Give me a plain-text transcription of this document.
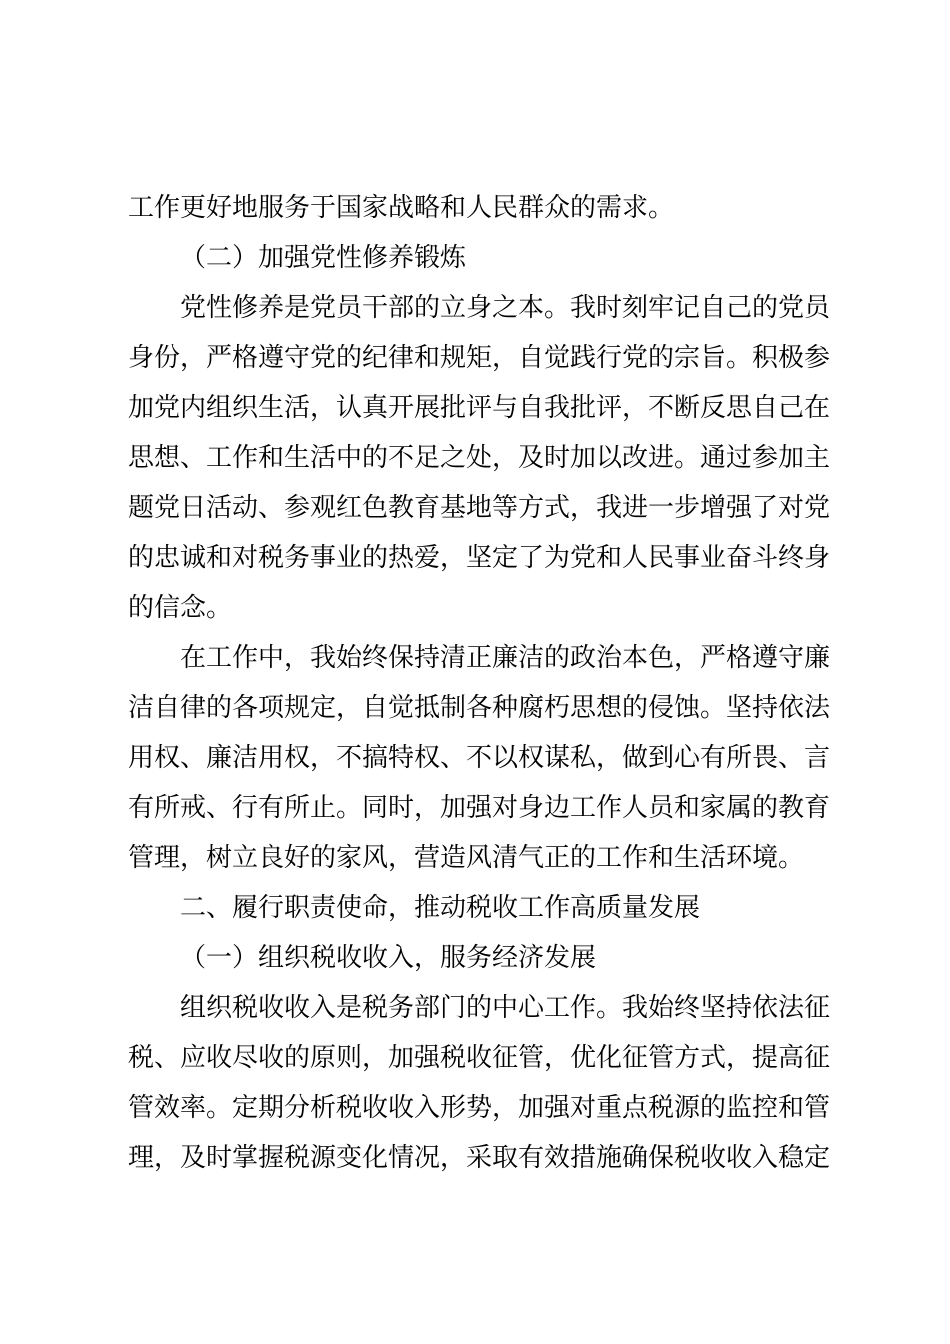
工作更好地服务于国家战略和人民群众的需求。
（二）加强党性修养锻炼
党性修养是党员干部的立身之本。我时刻牢记自己的党员
身份，严格遵守党的纪律和规矩，自觉践行党的宗旨。积极参
加党内组织生活，认真开展批评与自我批评，不断反思自己在
思想、工作和生活中的不足之处，及时加以改进。通过参加主
题党日活动、参观红色教育基地等方式，我进一步增强了对党
的忠诚和对税务事业的热爱，坚定了为党和人民事业奋斗终身
的信念。
在工作中，我始终保持清正廉洁的政治本色，严格遵守廉
洁自律的各项规定，自觉抵制各种腐朽思想的侵蚀。坚持依法
用权、廉洁用权，不搞特权、不以权谋私，做到心有所畏、言
有所戒、行有所止。同时，加强对身边工作人员和家属的教育
管理，树立良好的家风，营造风清气正的工作和生活环境。
二、履行职责使命，推动税收工作高质量发展
（一）组织税收收入，服务经济发展
组织税收收入是税务部门的中心工作。我始终坚持依法征
税、应收尽收的原则，加强税收征管，优化征管方式，提高征
管效率。定期分析税收收入形势，加强对重点税源的监控和管
理，及时掌握税源变化情况，采取有效措施确保税收收入稳定
